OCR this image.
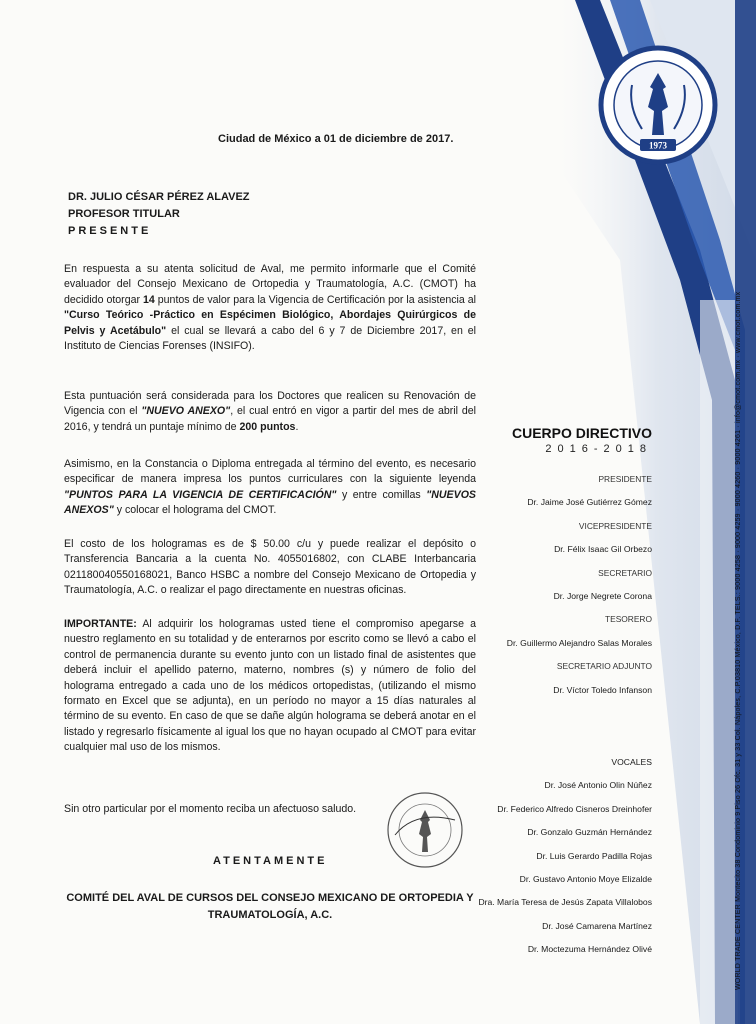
1973
Ciudad de México a 01 de diciembre de 2017.
DR. JULIO CÉSAR PÉREZ ALAVEZ
PROFESOR TITULAR
PRESENTE
En respuesta a su atenta solicitud de Aval, me permito informarle que el Comité evaluador del Consejo Mexicano de Ortopedia y Traumatología, A.C. (CMOT) ha decidido otorgar 14 puntos de valor para la Vigencia de Certificación por la asistencia al "Curso Teórico -Práctico en Espécimen Biológico, Abordajes Quirúrgicos de Pelvis y Acetábulo" el cual se llevará a cabo del 6 y 7 de Diciembre 2017, en el Instituto de Ciencias Forenses (INSIFO).
Esta puntuación será considerada para los Doctores que realicen su Renovación de Vigencia con el "NUEVO ANEXO", el cual entró en vigor a partir del mes de abril del 2016, y tendrá un puntaje mínimo de 200 puntos.
Asimismo, en la Constancia o Diploma entregada al término del evento, es necesario especificar de manera impresa los puntos curriculares con la siguiente leyenda "PUNTOS PARA LA VIGENCIA DE CERTIFICACIÓN" y entre comillas "NUEVOS ANEXOS" y colocar el holograma del CMOT.
El costo de los hologramas es de $ 50.00 c/u y puede realizar el depósito o Transferencia Bancaria a la cuenta No. 4055016802, con CLABE Interbancaria 021180040550168021, Banco HSBC a nombre del Consejo Mexicano de Ortopedia y Traumatología, A.C. o realizar el pago directamente en nuestras oficinas.
IMPORTANTE: Al adquirir los hologramas usted tiene el compromiso apegarse a nuestro reglamento en su totalidad y de enterarnos por escrito como se llevó a cabo el control de permanencia durante su evento junto con un listado final de asistentes que deberá incluir el apellido paterno, materno, nombres (s) y número de folio del holograma entregado a cada uno de los médicos ortopedistas, (utilizando el mismo formato en Excel que se adjunta), en un período no mayor a 15 días naturales al término de su evento. En caso de que se dañe algún holograma se deberá anotar en el listado y regresarlo físicamente al igual los que no hayan ocupado al CMOT para evitar cualquier mal uso de los mismos.
Sin otro particular por el momento reciba un afectuoso saludo.
ATENTAMENTE
COMITÉ DEL AVAL DE CURSOS DEL CONSEJO MEXICANO DE ORTOPEDIA Y TRAUMATOLOGÍA, A.C.
CUERPO DIRECTIVO
2016-2018
PRESIDENTE
Dr. Jaime José Gutiérrez Gómez
VICEPRESIDENTE
Dr. Félix Isaac Gil Orbezo
SECRETARIO
Dr. Jorge Negrete Corona
TESORERO
Dr. Guillermo Alejandro Salas Morales
SECRETARIO ADJUNTO
Dr. Víctor Toledo Infanson
VOCALES
Dr. José Antonio Olin Núñez
Dr. Federico Alfredo Cisneros Dreinhofer
Dr. Gonzalo Guzmán Hernández
Dr. Luis Gerardo Padilla Rojas
Dr. Gustavo Antonio Moye Elizalde
Dra. María Teresa de Jesús Zapata Villalobos
Dr. José Camarena Martínez
Dr. Moctezuma Hernández Olivé	WORLD TRADE CENTER Montecito 38 Condominio 9 Piso 26 Ofc. 31 y 33 Col. Nápoles, C.P.03810 México, D.F. TELS.: 9000 4258 · 9000 4259 · 9000 4260 · 9000 4261 · info@cmot.com.mx · www.cmot.com.mx
